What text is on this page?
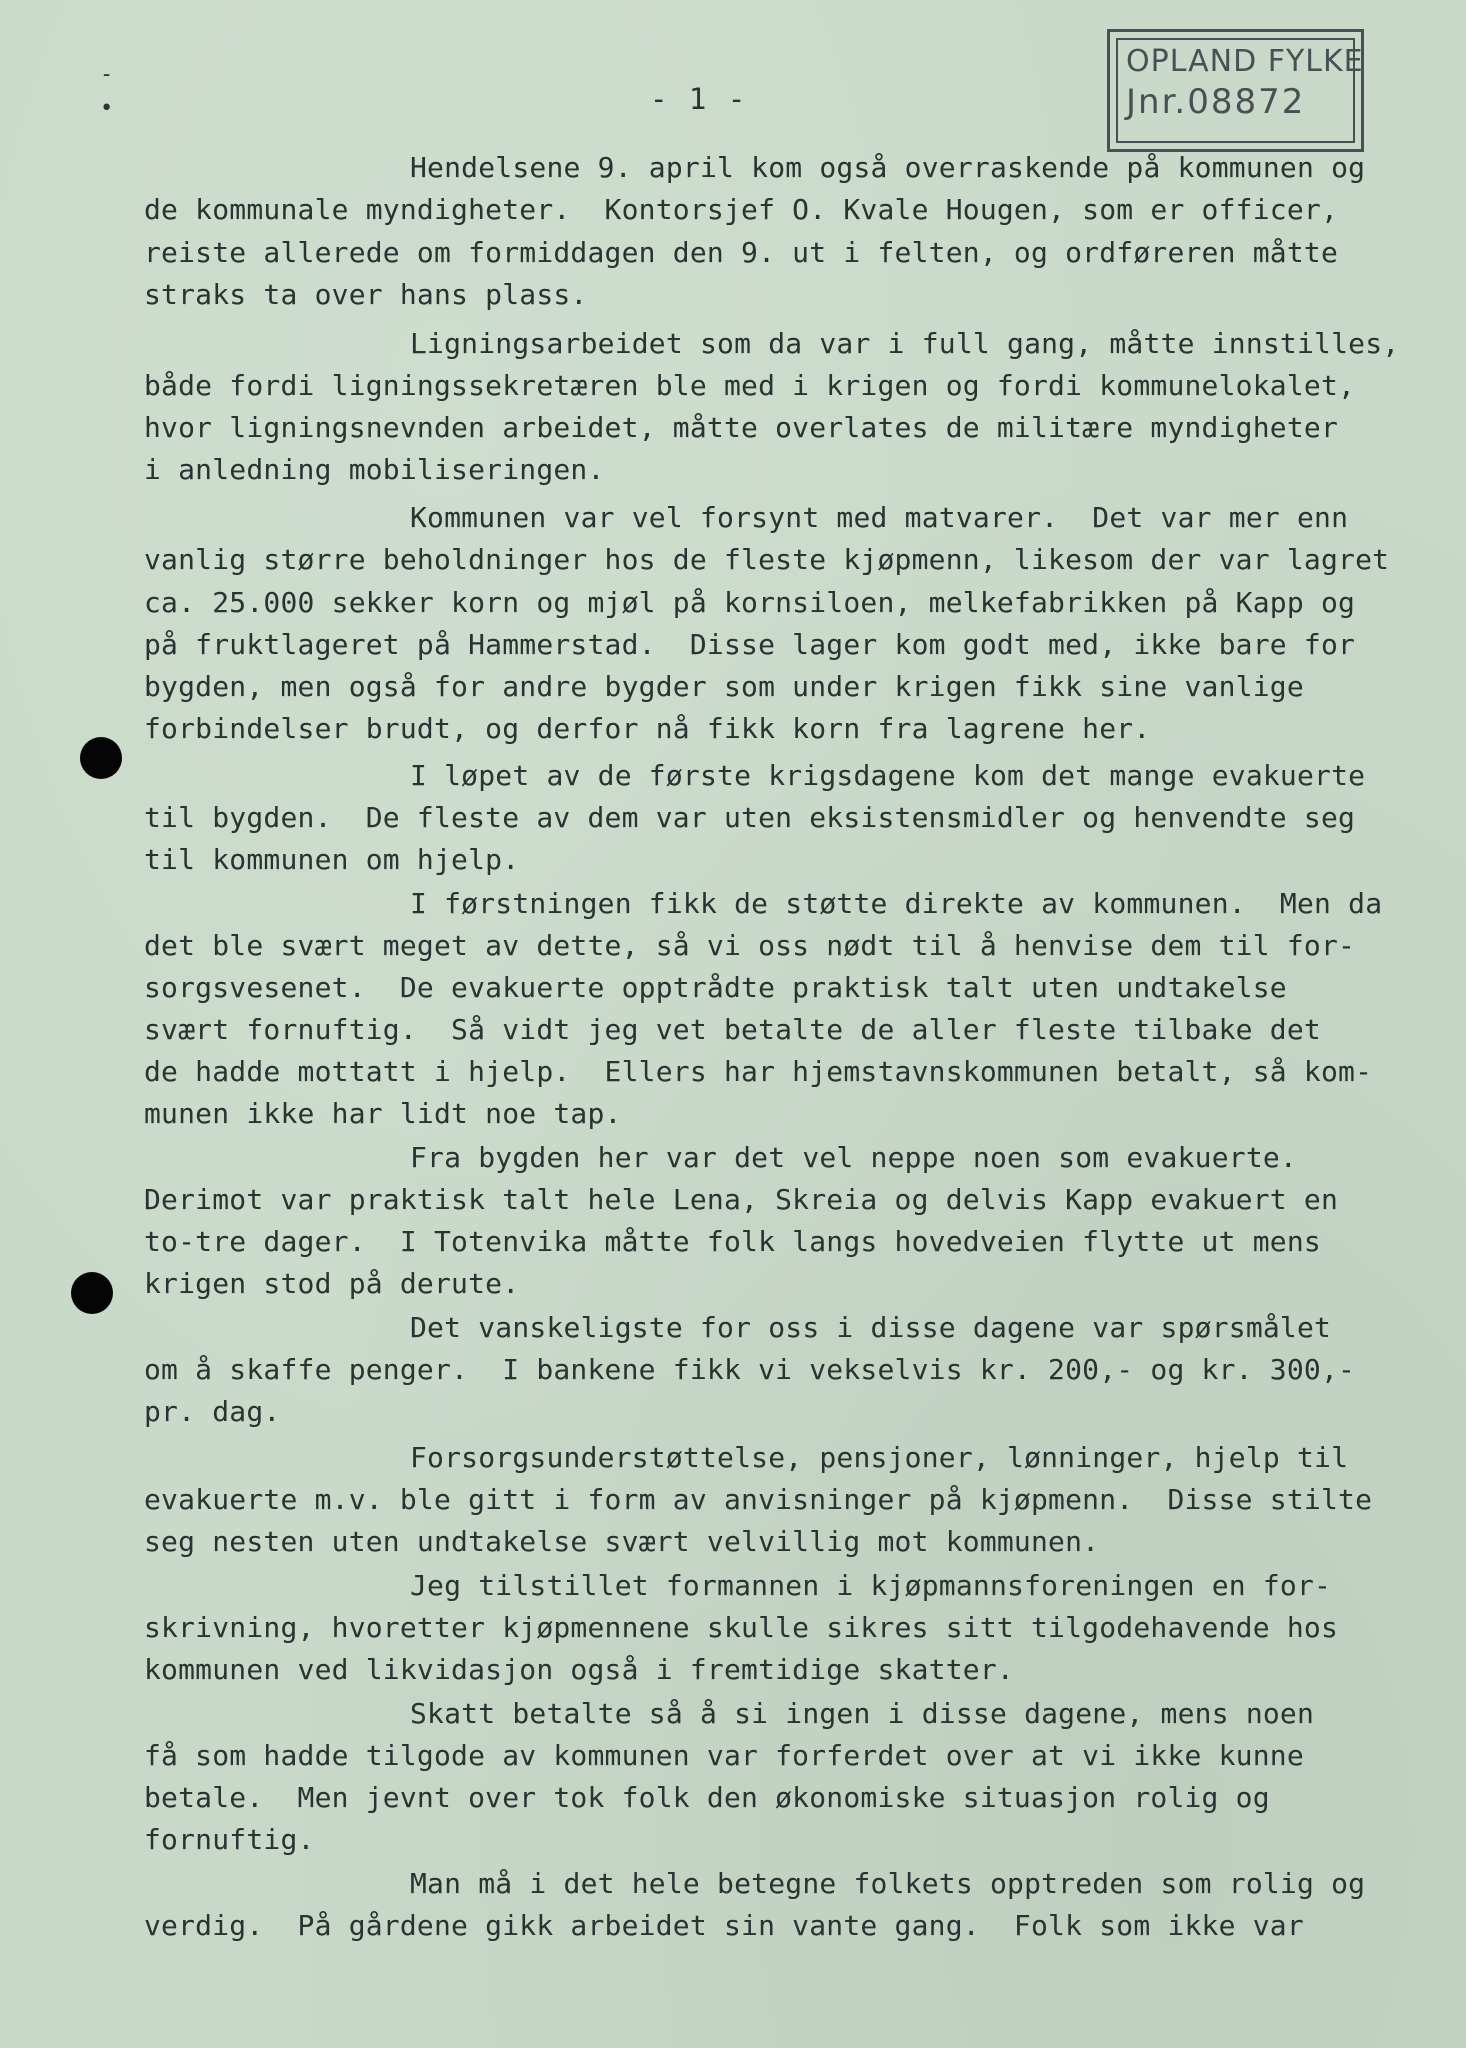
-
•
OPLAND FYLKE
Jnr.08872
- 1 -
Hendelsene 9. april kom også overraskende på kommunen og
de kommunale myndigheter.  Kontorsjef O. Kvale Hougen, som er officer,
reiste allerede om formiddagen den 9. ut i felten, og ordføreren måtte
straks ta over hans plass.
Ligningsarbeidet som da var i full gang, måtte innstilles,
både fordi ligningssekretæren ble med i krigen og fordi kommunelokalet,
hvor ligningsnevnden arbeidet, måtte overlates de militære myndigheter
i anledning mobiliseringen.
Kommunen var vel forsynt med matvarer.  Det var mer enn
vanlig større beholdninger hos de fleste kjøpmenn, likesom der var lagret
ca. 25.000 sekker korn og mjøl på kornsiloen, melkefabrikken på Kapp og
på fruktlageret på Hammerstad.  Disse lager kom godt med, ikke bare for
bygden, men også for andre bygder som under krigen fikk sine vanlige
forbindelser brudt, og derfor nå fikk korn fra lagrene her.
I løpet av de første krigsdagene kom det mange evakuerte
til bygden.  De fleste av dem var uten eksistensmidler og henvendte seg
til kommunen om hjelp.
I førstningen fikk de støtte direkte av kommunen.  Men da
det ble svært meget av dette, så vi oss nødt til å henvise dem til for-
sorgsvesenet.  De evakuerte opptrådte praktisk talt uten undtakelse
svært fornuftig.  Så vidt jeg vet betalte de aller fleste tilbake det
de hadde mottatt i hjelp.  Ellers har hjemstavnskommunen betalt, så kom-
munen ikke har lidt noe tap.
Fra bygden her var det vel neppe noen som evakuerte.
Derimot var praktisk talt hele Lena, Skreia og delvis Kapp evakuert en
to-tre dager.  I Totenvika måtte folk langs hovedveien flytte ut mens
krigen stod på derute.
Det vanskeligste for oss i disse dagene var spørsmålet
om å skaffe penger.  I bankene fikk vi vekselvis kr. 200,- og kr. 300,-
pr. dag.
Forsorgsunderstøttelse, pensjoner, lønninger, hjelp til
evakuerte m.v. ble gitt i form av anvisninger på kjøpmenn.  Disse stilte
seg nesten uten undtakelse svært velvillig mot kommunen.
Jeg tilstillet formannen i kjøpmannsforeningen en for-
skrivning, hvoretter kjøpmennene skulle sikres sitt tilgodehavende hos
kommunen ved likvidasjon også i fremtidige skatter.
Skatt betalte så å si ingen i disse dagene, mens noen
få som hadde tilgode av kommunen var forferdet over at vi ikke kunne
betale.  Men jevnt over tok folk den økonomiske situasjon rolig og
fornuftig.
Man må i det hele betegne folkets opptreden som rolig og
verdig.  På gårdene gikk arbeidet sin vante gang.  Folk som ikke var
